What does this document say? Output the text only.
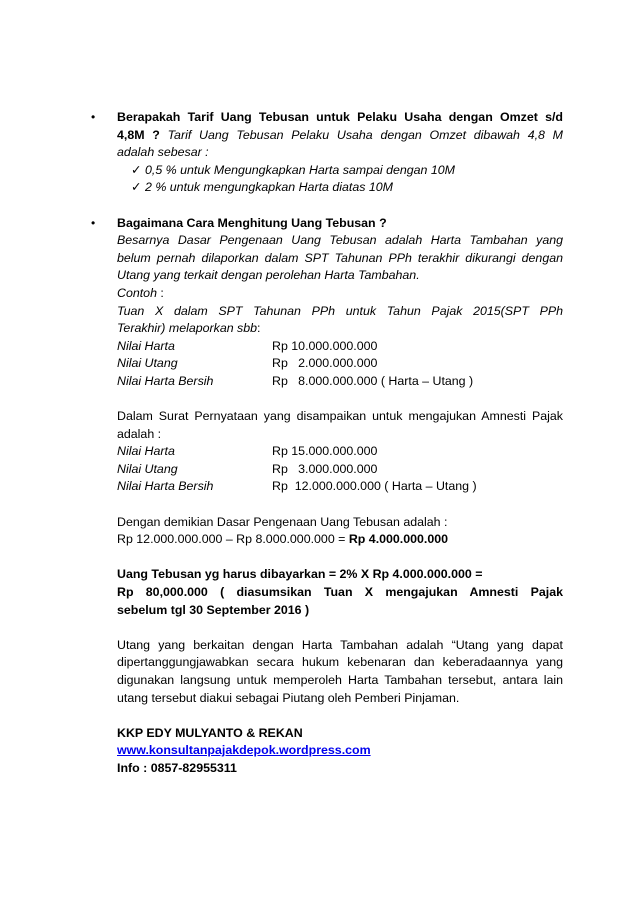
• Berapakah Tarif Uang Tebusan untuk Pelaku Usaha dengan Omzet s/d
4,8M ? Tarif Uang Tebusan Pelaku Usaha dengan Omzet dibawah 4,8 M
adalah sebesar :
✓ 0,5 % untuk Mengungkapkan Harta sampai dengan 10M
✓ 2 % untuk mengungkapkan Harta diatas 10M
• Bagaimana Cara Menghitung Uang Tebusan ?
Besarnya Dasar Pengenaan Uang Tebusan adalah Harta Tambahan yang
belum pernah dilaporkan dalam SPT Tahunan PPh terakhir dikurangi dengan
Utang yang terkait dengan perolehan Harta Tambahan.
Contoh :
Tuan X dalam SPT Tahunan PPh untuk Tahun Pajak 2015(SPT PPh
Terakhir) melaporkan sbb:
Nilai Harta	Rp 10.000.000.000
Nilai Utang	Rp   2.000.000.000
Nilai Harta Bersih	Rp   8.000.000.000 ( Harta – Utang )
Dalam Surat Pernyataan yang disampaikan untuk mengajukan Amnesti Pajak
adalah :
Nilai Harta	Rp 15.000.000.000
Nilai Utang	Rp   3.000.000.000
Nilai Harta Bersih	Rp  12.000.000.000 ( Harta – Utang )
Dengan demikian Dasar Pengenaan Uang Tebusan adalah :
Rp 12.000.000.000 – Rp 8.000.000.000 = Rp 4.000.000.000
Uang Tebusan yg harus dibayarkan = 2% X Rp 4.000.000.000 =
Rp 80,000.000 ( diasumsikan Tuan X mengajukan Amnesti Pajak
sebelum tgl 30 September 2016 )
Utang yang berkaitan dengan Harta Tambahan adalah “Utang yang dapat
dipertanggungjawabkan secara hukum kebenaran dan keberadaannya yang
digunakan langsung untuk memperoleh Harta Tambahan tersebut, antara lain
utang tersebut diakui sebagai Piutang oleh Pemberi Pinjaman.
KKP EDY MULYANTO & REKAN
www.konsultanpajakdepok.wordpress.com
Info : 0857-82955311
